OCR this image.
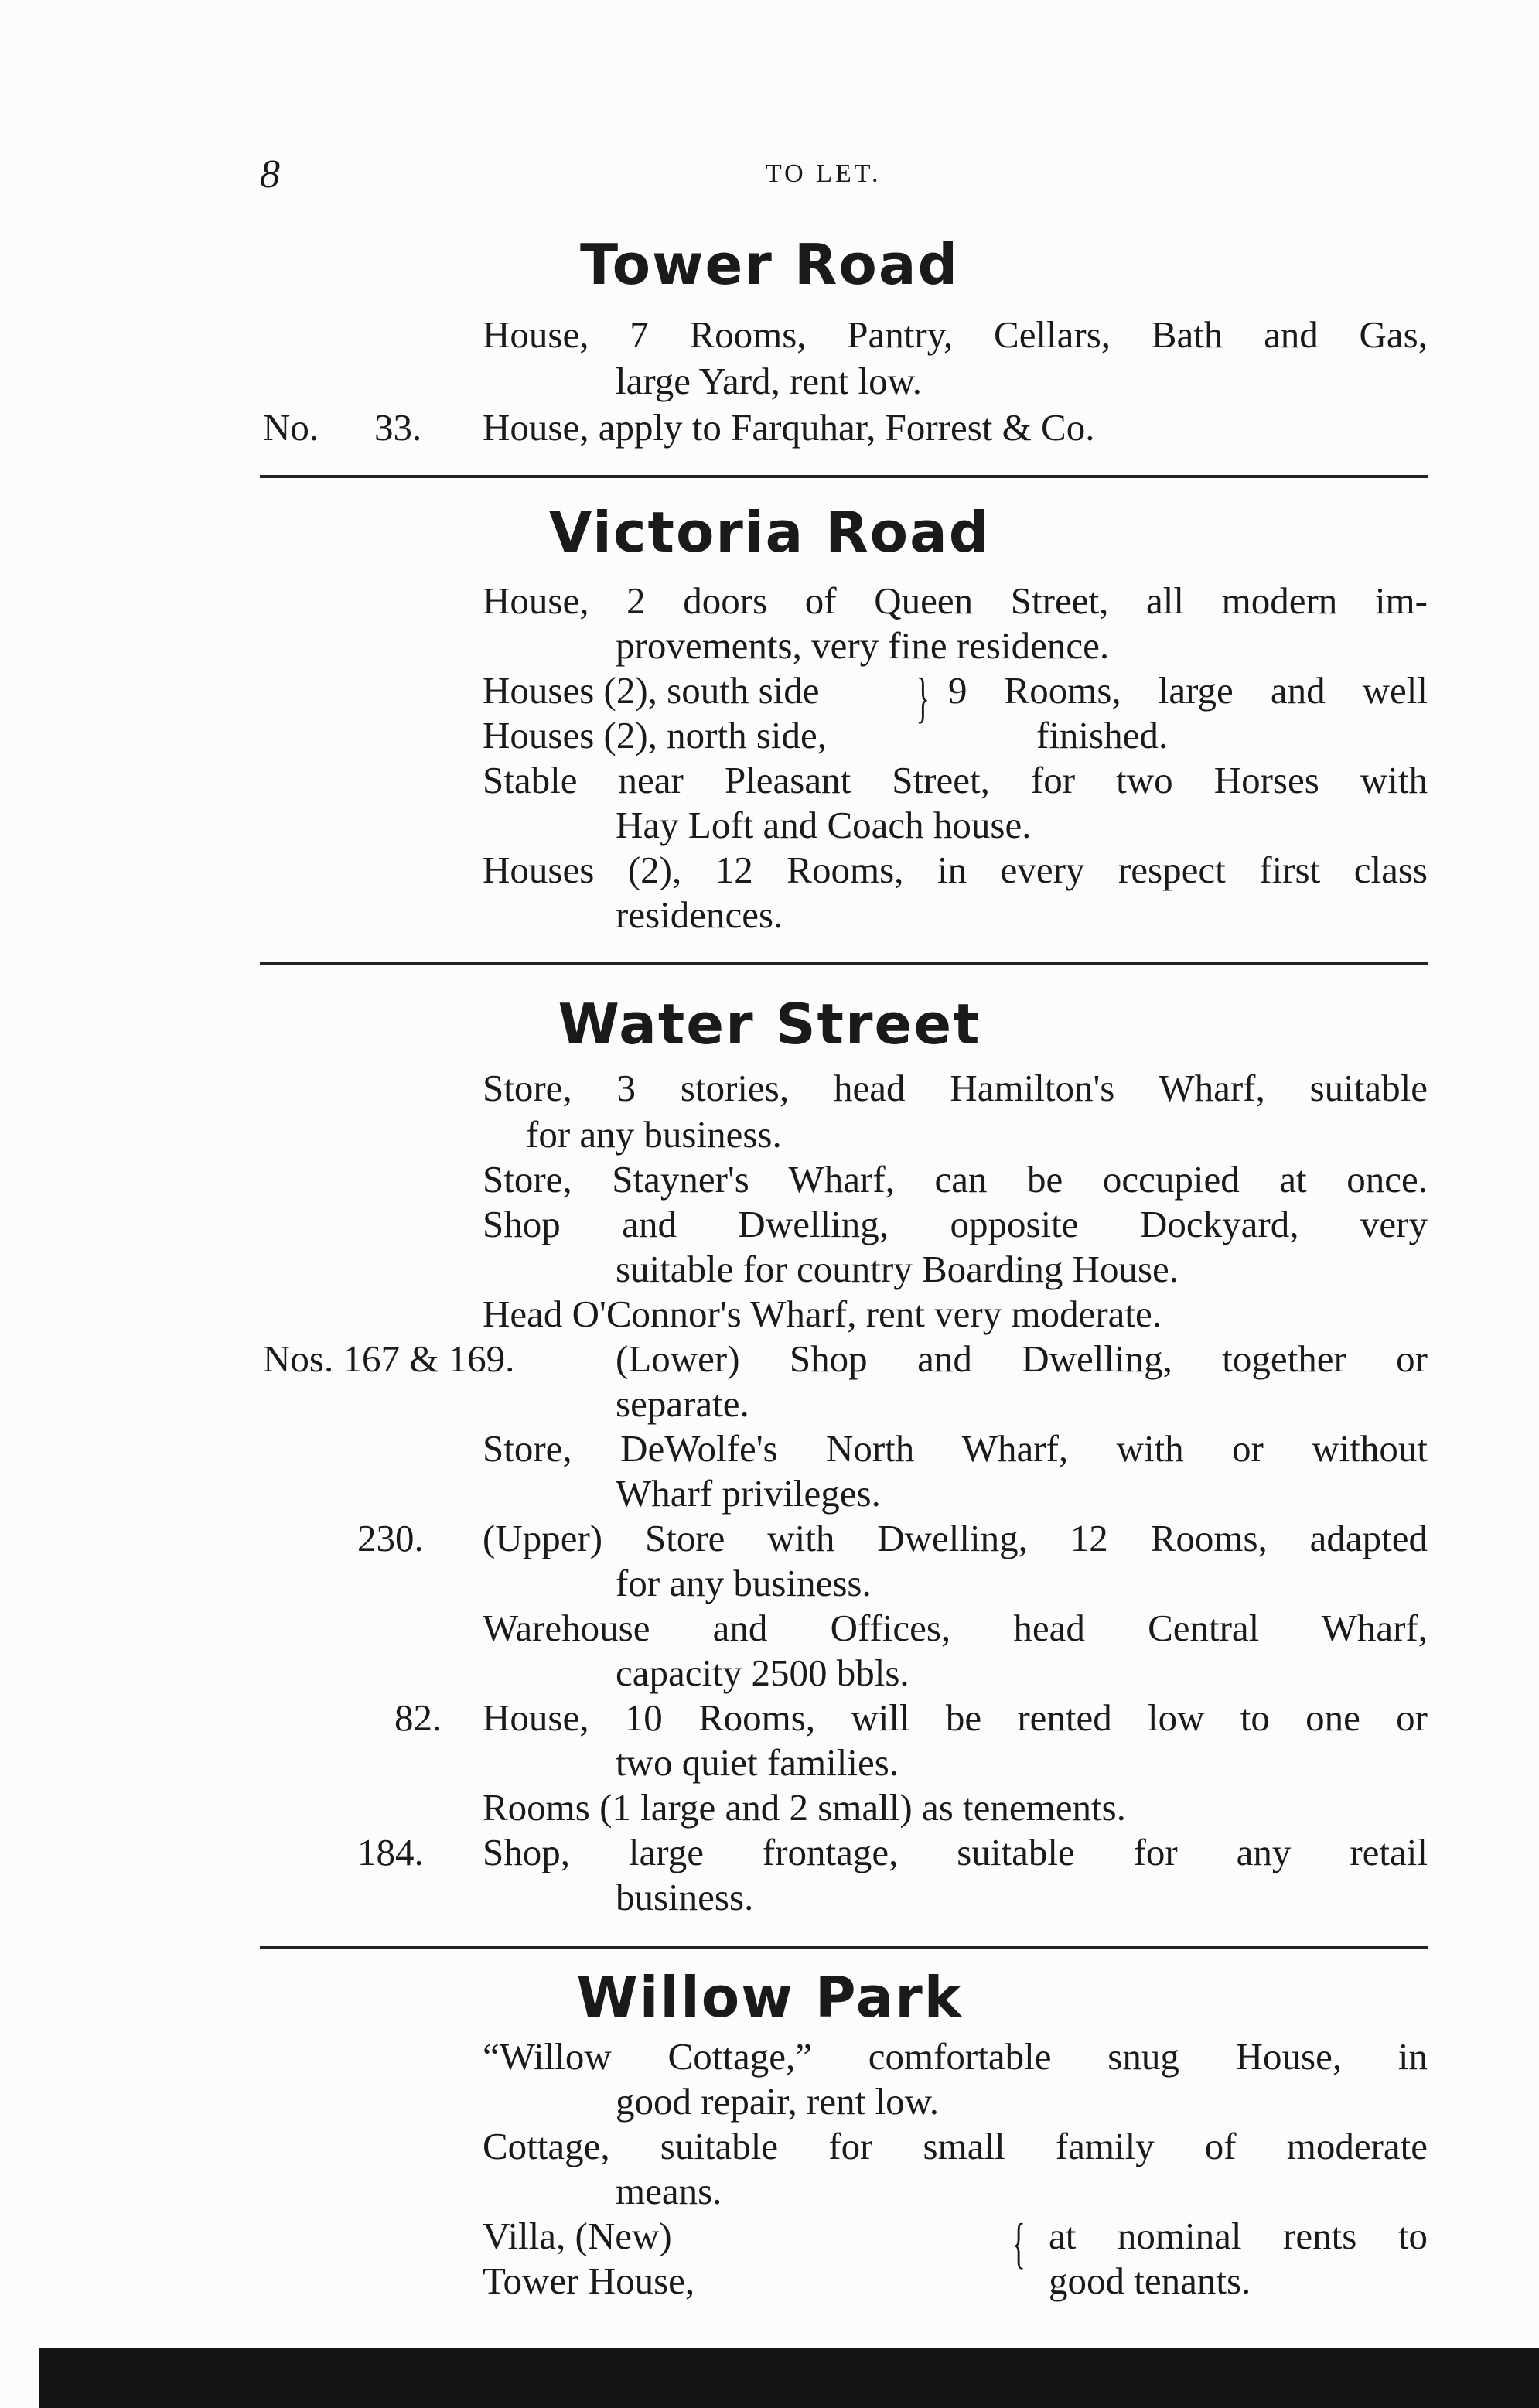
8	TO LET.
Tower Road
House, 7 Rooms, Pantry, Cellars, Bath and Gas,
large Yard, rent low.
No. 33. House, apply to Farquhar, Forrest & Co.
Victoria Road
House, 2 doors of Queen Street, all modern im-
provements, very fine residence.
Houses (2), south side } 9 Rooms, large and well
Houses (2), north side,	finished.
Stable near Pleasant Street, for two Horses with
Hay Loft and Coach house.
Houses (2), 12 Rooms, in every respect first class
residences.
Water Street
Store, 3 stories, head Hamilton's Wharf, suitable
for any business.
Store, Stayner's Wharf, can be occupied at once.
Shop and Dwelling, opposite Dockyard, very
suitable for country Boarding House.
Head O'Connor's Wharf, rent very moderate.
Nos. 167 & 169.	(Lower) Shop and Dwelling, together or
separate.
Store, DeWolfe's North Wharf, with or without
Wharf privileges.
230. (Upper) Store with Dwelling, 12 Rooms, adapted
for any business.
Warehouse and Offices, head Central Wharf,
capacity 2500 bbls.
82. House, 10 Rooms, will be rented low to one or
two quiet families.
Rooms (1 large and 2 small) as tenements.
184. Shop, large frontage, suitable for any retail
business.
Willow Park
“Willow Cottage,” comfortable snug House, in
good repair, rent low.
Cottage, suitable for small family of moderate
means.
Villa, (New)	{ at nominal rents to
Tower House,	good tenants.
